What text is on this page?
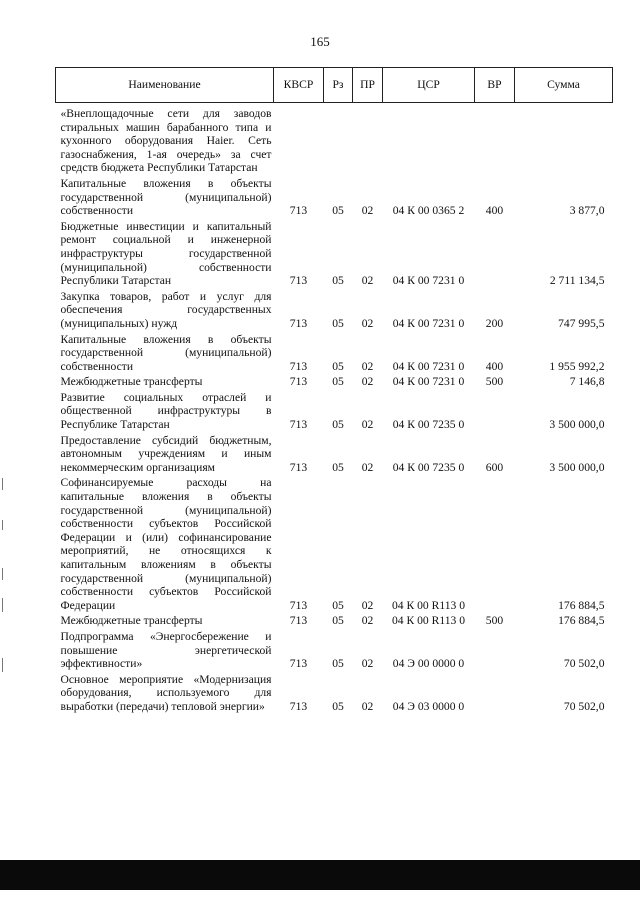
165
Наименование	КВСР	Рз	ПР	ЦСР	ВР	Сумма
«Внеплощадочные сети для заводов стиральных машин барабанного типа и кухонного оборудования Haier. Сеть газоснабжения, 1-ая очередь» за счет средств бюджета Республики Татарстан						
Капитальные вложения в объекты государственной (муниципальной) собственности	713	05	02	04 К 00 0365 2	400	3 877,0
Бюджетные инвестиции и капитальный ремонт социальной и инженерной инфраструктуры государственной (муниципальной) собственности Республики Татарстан	713	05	02	04 К 00 7231 0		2 711 134,5
Закупка товаров, работ и услуг для обеспечения государственных (муниципальных) нужд	713	05	02	04 К 00 7231 0	200	747 995,5
Капитальные вложения в объекты государственной (муниципальной) собственности	713	05	02	04 К 00 7231 0	400	1 955 992,2
Межбюджетные трансферты	713	05	02	04 К 00 7231 0	500	7 146,8
Развитие социальных отраслей и общественной инфраструктуры в Республике Татарстан	713	05	02	04 К 00 7235 0		3 500 000,0
Предоставление субсидий бюджетным, автономным учреждениям и иным некоммерческим организациям	713	05	02	04 К 00 7235 0	600	3 500 000,0
Софинансируемые расходы на капитальные вложения в объекты государственной (муниципальной) собственности субъектов Российской Федерации и (или) софинансирование мероприятий, не относящихся к капитальным вложениям в объекты государственной (муниципальной) собственности субъектов Российской Федерации	713	05	02	04 К 00 R113 0		176 884,5
Межбюджетные трансферты	713	05	02	04 К 00 R113 0	500	176 884,5
Подпрограмма «Энергосбережение и повышение энергетической эффективности»	713	05	02	04 Э 00 0000 0		70 502,0
Основное мероприятие «Модернизация оборудования, используемого для выработки (передачи) тепловой энергии»	713	05	02	04 Э 03 0000 0		70 502,0
